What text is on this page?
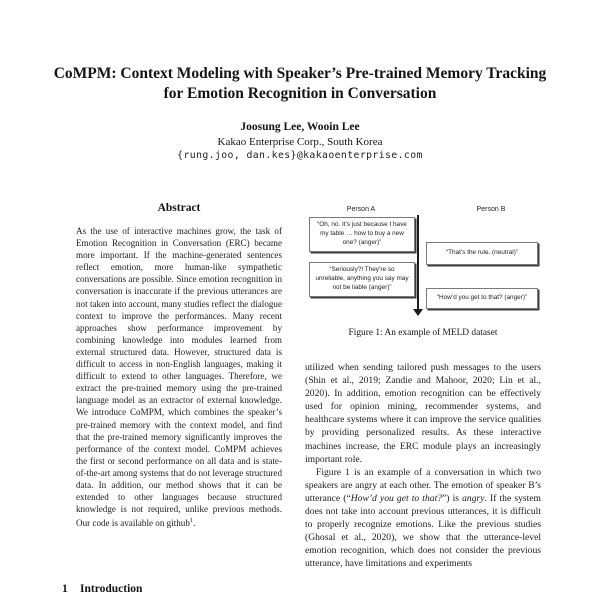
CoMPM: Context Modeling with Speaker’s Pre-trained Memory Tracking
for Emotion Recognition in Conversation
Joosung Lee, Wooin Lee
Kakao Enterprise Corp., South Korea
{rung.joo, dan.kes}@kakaoenterprise.com
Abstract

As the use of interactive machines grow, the task of Emotion Recognition in Conversation (ERC) became more important. If the machine-generated sentences reflect emotion, more human-like sympathetic conversations are possible. Since emotion recognition in conversation is inaccurate if the previous utterances are not taken into account, many studies reflect the dialogue context to improve the performances. Many recent approaches show performance improvement by combining knowledge into modules learned from external structured data. However, structured data is difficult to access in non-English languages, making it difficult to extend to other languages. Therefore, we extract the pre-trained memory using the pre-trained language model as an extractor of external knowledge. We introduce CoMPM, which combines the speaker’s pre-trained memory with the context model, and find that the pre-trained memory significantly improves the performance of the context model. CoMPM achieves the first or second performance on all data and is state-of-the-art among systems that do not leverage structured data. In addition, our method shows that it can be extended to other languages because structured knowledge is not required, unlike previous methods. Our code is available on github$^1$.

1 Introduction
Person A	Person B
“Oh, no. It’s just because I have my table … how to buy a new one? (anger)”
“That’s the rule. (neutral)”
“Seriously?! They’re so unreliable, anything you say may not be liable (anger)”
“How’d you get to that? (anger)”
Figure 1: An example of MELD dataset

utilized when sending tailored push messages to the users (Shin et al., 2019; Zandie and Mahoor, 2020; Lin et al., 2020). In addition, emotion recognition can be effectively used for opinion mining, recommender systems, and healthcare systems where it can improve the service qualities by providing personalized results. As these interactive machines increase, the ERC module plays an increasingly important role.

Figure 1 is an example of a conversation in which two speakers are angry at each other. The emotion of speaker B’s utterance (“How’d you get to that?”) is angry. If the system does not take into account previous utterances, it is difficult to properly recognize emotions. Like the previous studies (Ghosal et al., 2020), we show that the utterance-level emotion recognition, which does not consider the previous utterance, have limitations and experiments
